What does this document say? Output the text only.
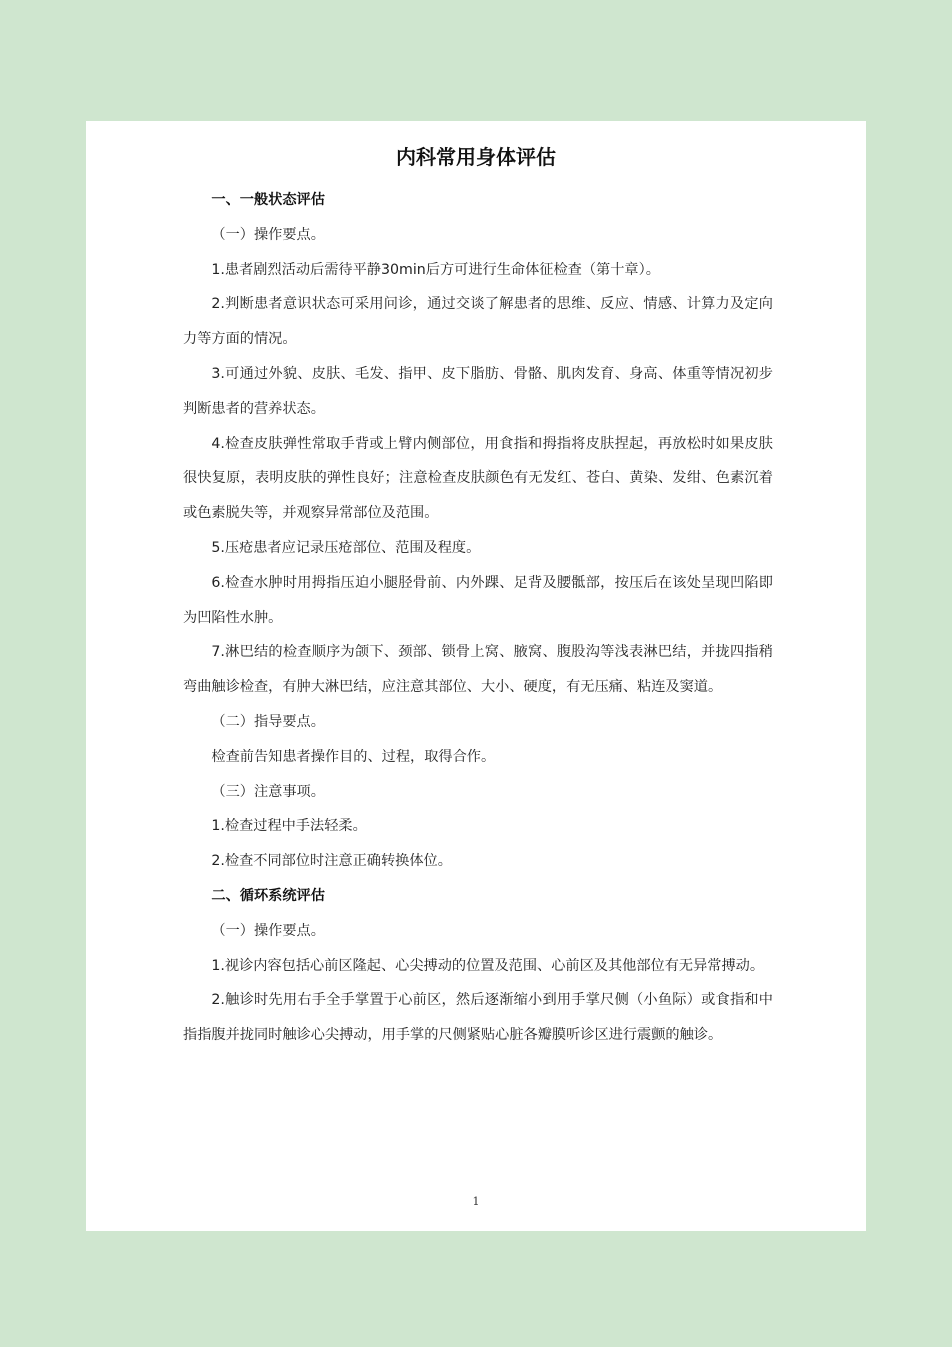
内科常用身体评估

一、一般状态评估

（一）操作要点。

1.患者剧烈活动后需待平静30min后方可进行生命体征检查（第十章）。

2.判断患者意识状态可采用问诊，通过交谈了解患者的思维、反应、情感、计算力及定向力等方面的情况。

3.可通过外貌、皮肤、毛发、指甲、皮下脂肪、骨骼、肌肉发育、身高、体重等情况初步判断患者的营养状态。

4.检查皮肤弹性常取手背或上臂内侧部位，用食指和拇指将皮肤捏起，再放松时如果皮肤很快复原，表明皮肤的弹性良好；注意检查皮肤颜色有无发红、苍白、黄染、发绀、色素沉着或色素脱失等，并观察异常部位及范围。

5.压疮患者应记录压疮部位、范围及程度。

6.检查水肿时用拇指压迫小腿胫骨前、内外踝、足背及腰骶部，按压后在该处呈现凹陷即为凹陷性水肿。

7.淋巴结的检查顺序为颌下、颈部、锁骨上窝、腋窝、腹股沟等浅表淋巴结，并拢四指稍弯曲触诊检查，有肿大淋巴结，应注意其部位、大小、硬度，有无压痛、粘连及窦道。

（二）指导要点。

检查前告知患者操作目的、过程，取得合作。

（三）注意事项。

1.检查过程中手法轻柔。

2.检查不同部位时注意正确转换体位。

二、循环系统评估

（一）操作要点。

1.视诊内容包括心前区隆起、心尖搏动的位置及范围、心前区及其他部位有无异常搏动。

2.触诊时先用右手全手掌置于心前区，然后逐渐缩小到用手掌尺侧（小鱼际）或食指和中指指腹并拢同时触诊心尖搏动，用手掌的尺侧紧贴心脏各瓣膜听诊区进行震颤的触诊。

1
